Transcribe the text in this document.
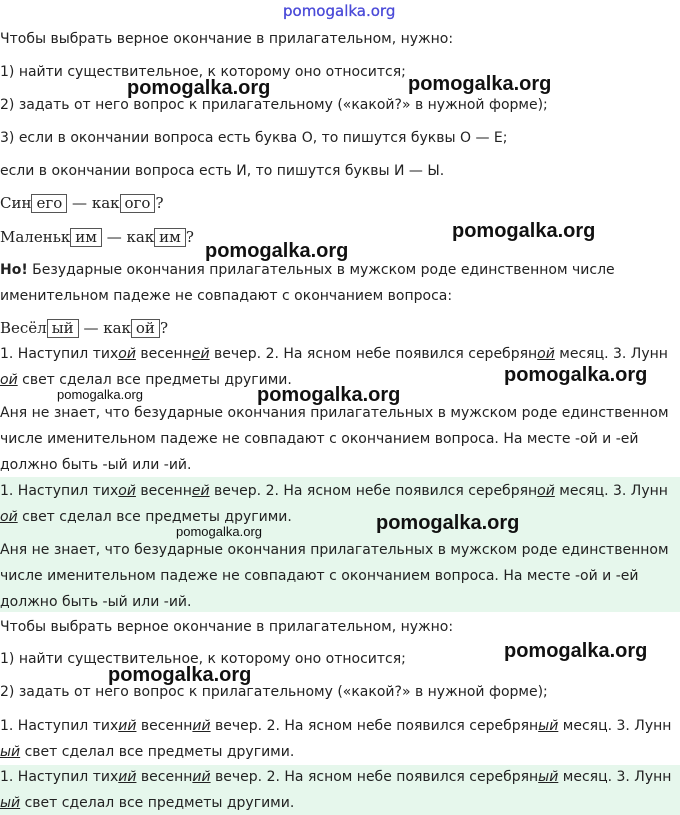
pomogalka.org
Чтобы выбрать верное окончание в прилагательном, нужно:
1) найти существительное, к которому оно относится;
2) задать от него вопрос к прилагательному («какой?» в нужной форме);
3) если в окончании вопроса есть буква О, то пишутся буквы О — Е;
если в окончании вопроса есть И, то пишутся буквы И — Ы.
Син его — как ого ?
Маленьк им — как им ?
Но! Безударные окончания прилагательных в мужском роде единственном числе
именительном падеже не совпадают с окончанием вопроса:
Весёл ый — как ой ?
1. Наступил тихой весенней вечер. 2. На ясном небе появился серебряной месяц. 3. Лунн
ой свет сделал все предметы другими.
Аня не знает, что безударные окончания прилагательных в мужском роде единственном
числе именительном падеже не совпадают с окончанием вопроса. На месте -ой и -ей
должно быть -ый или -ий.
1. Наступил тихой весенней вечер. 2. На ясном небе появился серебряной месяц. 3. Лунн
ой свет сделал все предметы другими.
Аня не знает, что безударные окончания прилагательных в мужском роде единственном
числе именительном падеже не совпадают с окончанием вопроса. На месте -ой и -ей
должно быть -ый или -ий.
Чтобы выбрать верное окончание в прилагательном, нужно:
1) найти существительное, к которому оно относится;
2) задать от него вопрос к прилагательному («какой?» в нужной форме);
1. Наступил тихий весенний вечер. 2. На ясном небе появился серебряный месяц. 3. Лунн
ый свет сделал все предметы другими.
1. Наступил тихий весенний вечер. 2. На ясном небе появился серебряный месяц. 3. Лунн
ый свет сделал все предметы другими.
pomogalka.org	pomogalka.org
pomogalka.org
pomogalka.org
pomogalka.org
pomogalka.org	pomogalka.org
pomogalka.org
pomogalka.org
pomogalka.org
pomogalka.org
